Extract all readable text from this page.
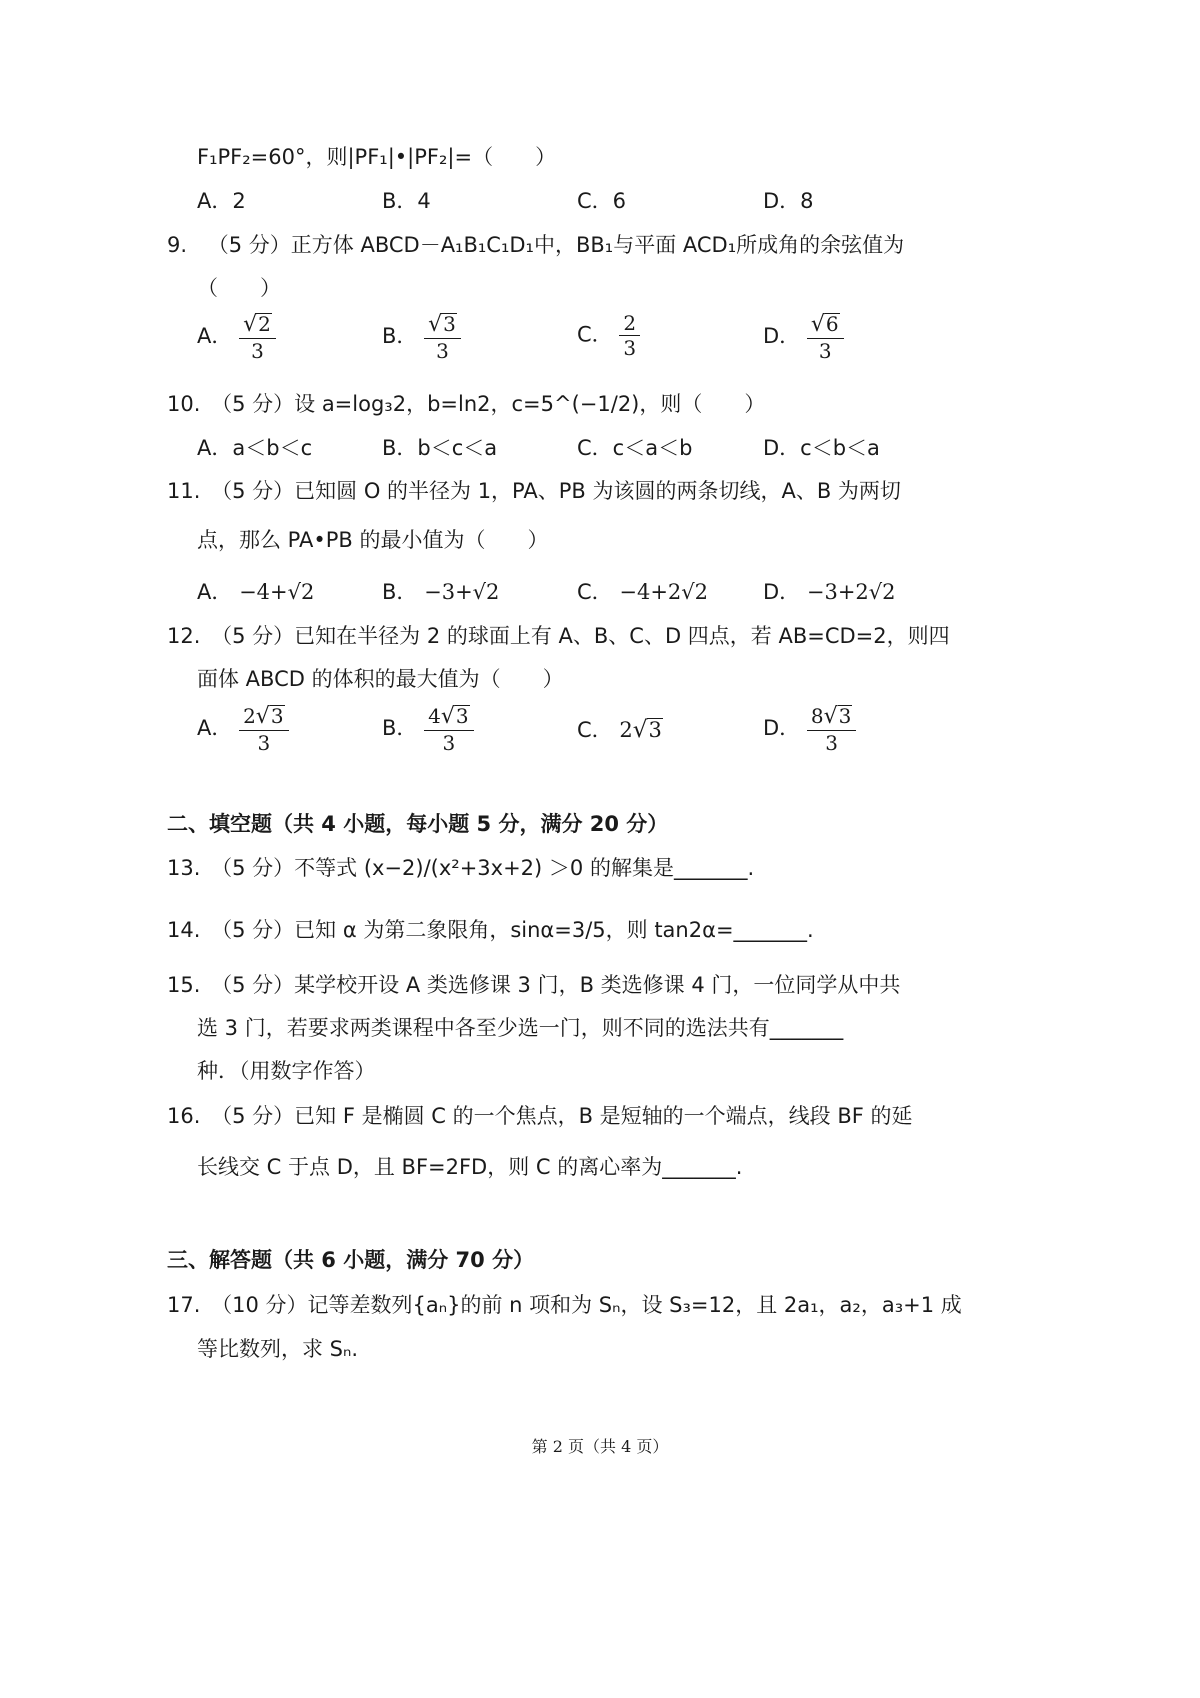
F₁PF₂=60°，则|PF₁|•|PF₂|=（　　）
A．2	B．4	C．6	D．8
9. （5 分）正方体 ABCD－A₁B₁C₁D₁中，BB₁与平面 ACD₁所成角的余弦值为
（　　）
A． $\frac{√2}{3}$	B． $\frac{√3}{3}$	C． $\frac{2}{3}$	D． $\frac{√6}{3}$
10. （5 分）设 a=log₃2，b=ln2，c=5^(−1/2)，则（　　）
A．a＜b＜c	B．b＜c＜a	C．c＜a＜b	D．c＜b＜a
11. （5 分）已知圆 O 的半径为 1，PA、PB 为该圆的两条切线，A、B 为两切
点，那么 PA•PB 的最小值为（　　）
A． −4+√2	B． −3+√2	C． −4+2√2	D． −3+2√2
12. （5 分）已知在半径为 2 的球面上有 A、B、C、D 四点，若 AB=CD=2，则四
面体 ABCD 的体积的最大值为（　　）
A． $\frac{2√3}{3}$	B． $\frac{4√3}{3}$	C． 2√3	D． $\frac{8√3}{3}$
二、填空题（共 4 小题，每小题 5 分，满分 20 分）
13. （5 分）不等式 (x−2)/(x²+3x+2) ＞0 的解集是_______.
14. （5 分）已知 α 为第二象限角，sinα=3/5，则 tan2α=_______.
15. （5 分）某学校开设 A 类选修课 3 门，B 类选修课 4 门，一位同学从中共
选 3 门，若要求两类课程中各至少选一门，则不同的选法共有_______
种．（用数字作答）
16. （5 分）已知 F 是椭圆 C 的一个焦点，B 是短轴的一个端点，线段 BF 的延
长线交 C 于点 D，且 BF=2FD，则 C 的离心率为_______.
三、解答题（共 6 小题，满分 70 分）
17. （10 分）记等差数列{aₙ}的前 n 项和为 Sₙ，设 S₃=12，且 2a₁，a₂，a₃+1 成
等比数列，求 Sₙ.
第 2 页（共 4 页）
